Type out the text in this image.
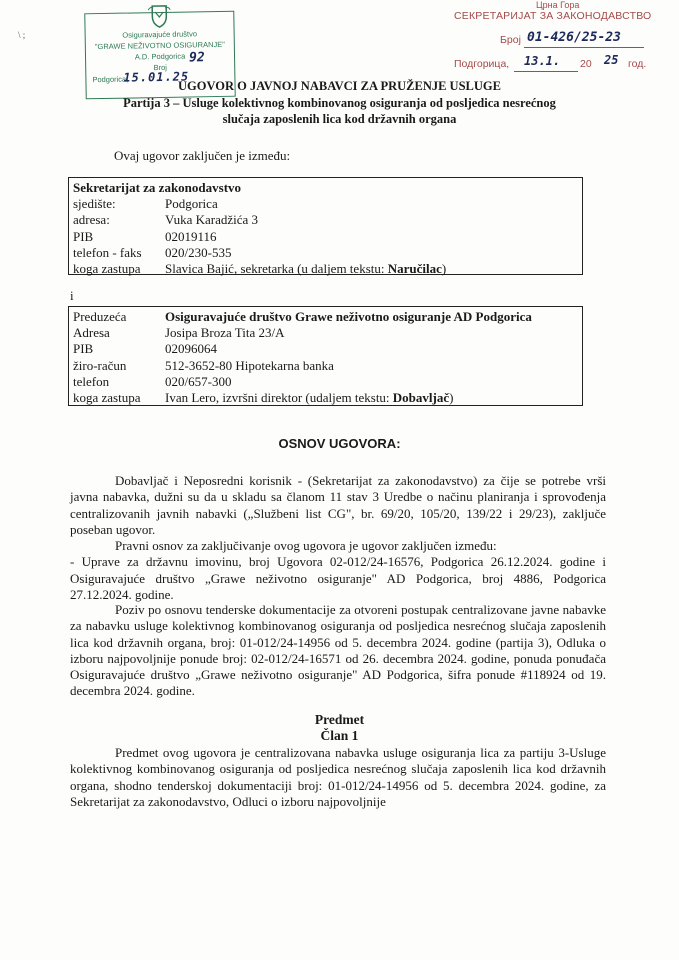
\ ;	Osiguravajuće društvo
"GRAWE NEŽIVOTNO OSIGURANJE"
A.D. Podgorica
Broj
Podgorica,
92
15.01.25
Црна Гора
СЕКРЕТАРИЈАТ ЗА ЗАКОНОДАВСТВО
Број 01-426/25-23
Подгорица, 13.1. 20 25 год.
UGOVOR O JAVNOJ NABAVCI ZA PRUŽENJE USLUGE
Partija 3 – Usluge kolektivnog kombinovanog osiguranja od posljedica nesrećnog
slučaja zaposlenih lica kod državnih organa
Ovaj ugovor zaključen je između:
Sekretarijat za zakonodavstvo
sjedište:	Podgorica
adresa:	Vuka Karadžića 3
PIB	02019116
telefon - faks	020/230-535
koga zastupa	Slavica Bajić, sekretarka (u daljem tekstu: Naručilac)
i
Preduzeća	Osiguravajuće društvo Grawe neživotno osiguranje AD Podgorica
Adresa	Josipa Broza Tita 23/A
PIB	02096064
žiro-račun	512-3652-80 Hipotekarna banka
telefon	020/657-300
koga zastupa	Ivan Lero, izvršni direktor (udaljem tekstu: Dobavljač)
OSNOV UGOVORA:
Dobavljač i Neposredni korisnik - (Sekretarijat za zakonodavstvo) za čije se potrebe vrši javna nabavka, dužni su da u skladu sa članom 11 stav 3 Uredbe o načinu planiranja i sprovođenja centralizovanih javnih nabavki („Službeni list CG", br. 69/20, 105/20, 139/22 i 29/23), zaključe poseban ugovor.
Pravni osnov za zaključivanje ovog ugovora je ugovor zaključen između:
- Uprave za državnu imovinu, broj Ugovora 02-012/24-16576, Podgorica 26.12.2024. godine i Osiguravajuće društvo „Grawe neživotno osiguranje" AD Podgorica, broj 4886, Podgorica 27.12.2024. godine.
Poziv po osnovu tenderske dokumentacije za otvoreni postupak centralizovane javne nabavke za nabavku usluge kolektivnog kombinovanog osiguranja od posljedica nesrećnog slučaja zaposlenih lica kod državnih organa, broj: 01-012/24-14956 od 5. decembra 2024. godine (partija 3), Odluka o izboru najpovoljnije ponude broj: 02-012/24-16571 od 26. decembra 2024. godine, ponuda ponuđača Osiguravajuće društvo „Grawe neživotno osiguranje" AD Podgorica, šifra ponude #118924 od 19. decembra 2024. godine.
Predmet
Član 1
Predmet ovog ugovora je centralizovana nabavka usluge osiguranja lica za partiju 3-Usluge kolektivnog kombinovanog osiguranja od posljedica nesrećnog slučaja zaposlenih lica kod državnih organa, shodno tenderskoj dokumentaciji broj: 01-012/24-14956 od 5. decembra 2024. godine, za Sekretarijat za zakonodavstvo, Odluci o izboru najpovoljnije
